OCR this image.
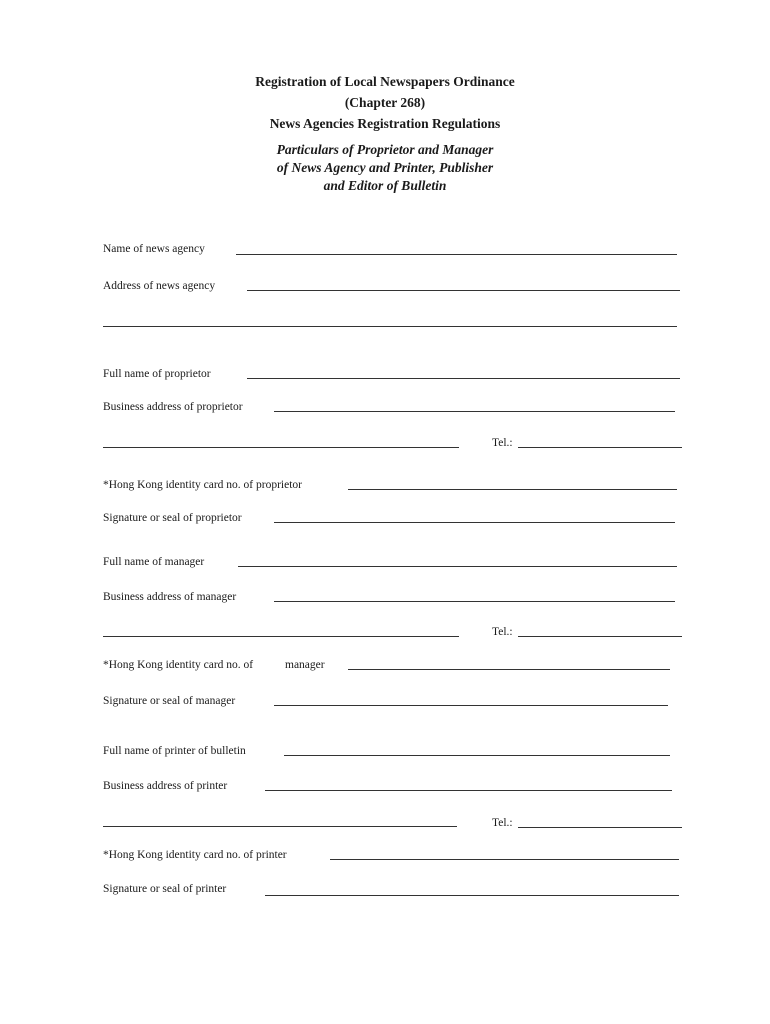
Registration of Local Newspapers Ordinance
(Chapter 268)
News Agencies Registration Regulations
Particulars of Proprietor and Manager
of News Agency and Printer, Publisher
and Editor of Bulletin
Name of news agency
Address of news agency
Full name of proprietor
Business address of proprietor
Tel.:
*Hong Kong identity card no. of proprietor
Signature or seal of proprietor
Full name of manager
Business address of manager
Tel.:
*Hong Kong identity card no. of	manager
Signature or seal of manager
Full name of printer of bulletin
Business address of printer
Tel.:
*Hong Kong identity card no. of printer
Signature or seal of printer
